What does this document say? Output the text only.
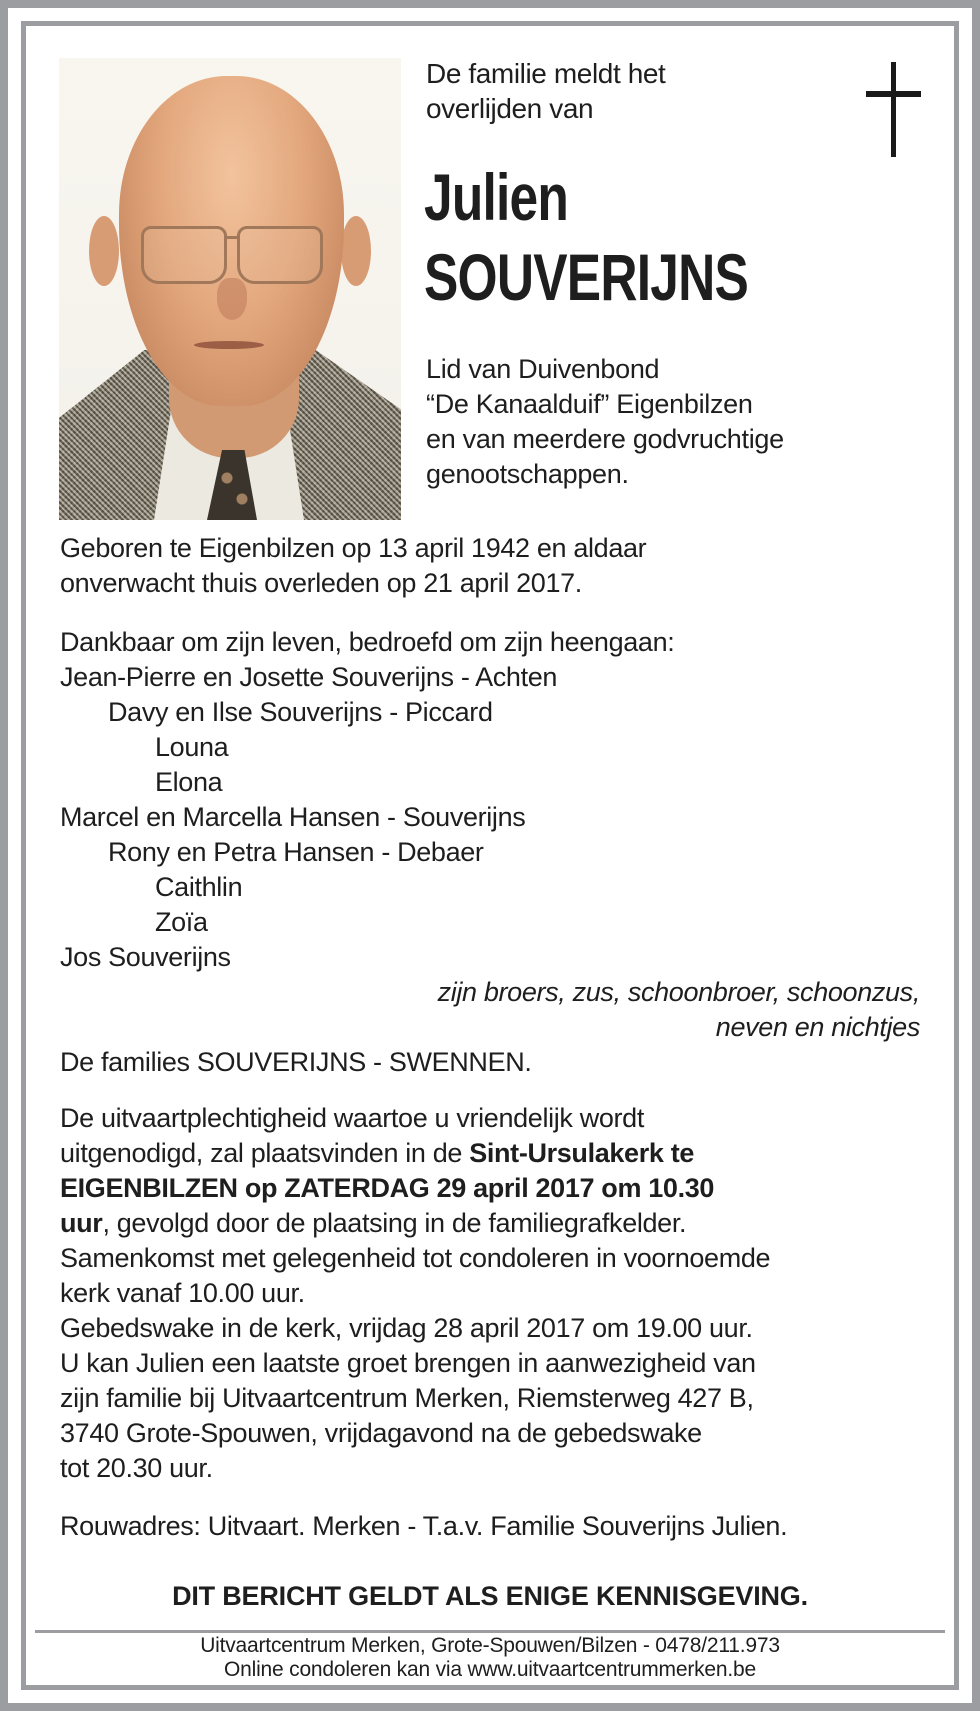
De familie meldt het
overlijden van
Julien
SOUVERIJNS
Lid van Duivenbond
“De Kanaalduif” Eigenbilzen
en van meerdere godvruchtige
genootschappen.
Geboren te Eigenbilzen op 13 april 1942 en aldaar
onverwacht thuis overleden op 21 april 2017.
Dankbaar om zijn leven, bedroefd om zijn heengaan:
Jean-Pierre en Josette Souverijns - Achten
Davy en Ilse Souverijns - Piccard
Louna
Elona
Marcel en Marcella Hansen - Souverijns
Rony en Petra Hansen - Debaer
Caithlin
Zoïa
Jos Souverijns
zijn broers, zus, schoonbroer, schoonzus,
neven en nichtjes
De families SOUVERIJNS - SWENNEN.
De uitvaartplechtigheid waartoe u vriendelijk wordt
uitgenodigd, zal plaatsvinden in de Sint-Ursulakerk te
EIGENBILZEN op ZATERDAG 29 april 2017 om 10.30
uur, gevolgd door de plaatsing in de familiegrafkelder.
Samenkomst met gelegenheid tot condoleren in voornoemde
kerk vanaf 10.00 uur.
Gebedswake in de kerk, vrijdag 28 april 2017 om 19.00 uur.
U kan Julien een laatste groet brengen in aanwezigheid van
zijn familie bij Uitvaartcentrum Merken, Riemsterweg 427 B,
3740 Grote-Spouwen, vrijdagavond na de gebedswake
tot 20.30 uur.
Rouwadres: Uitvaart. Merken - T.a.v. Familie Souverijns Julien.
DIT BERICHT GELDT ALS ENIGE KENNISGEVING.
Uitvaartcentrum Merken, Grote-Spouwen/Bilzen - 0478/211.973
Online condoleren kan via www.uitvaartcentrummerken.be
